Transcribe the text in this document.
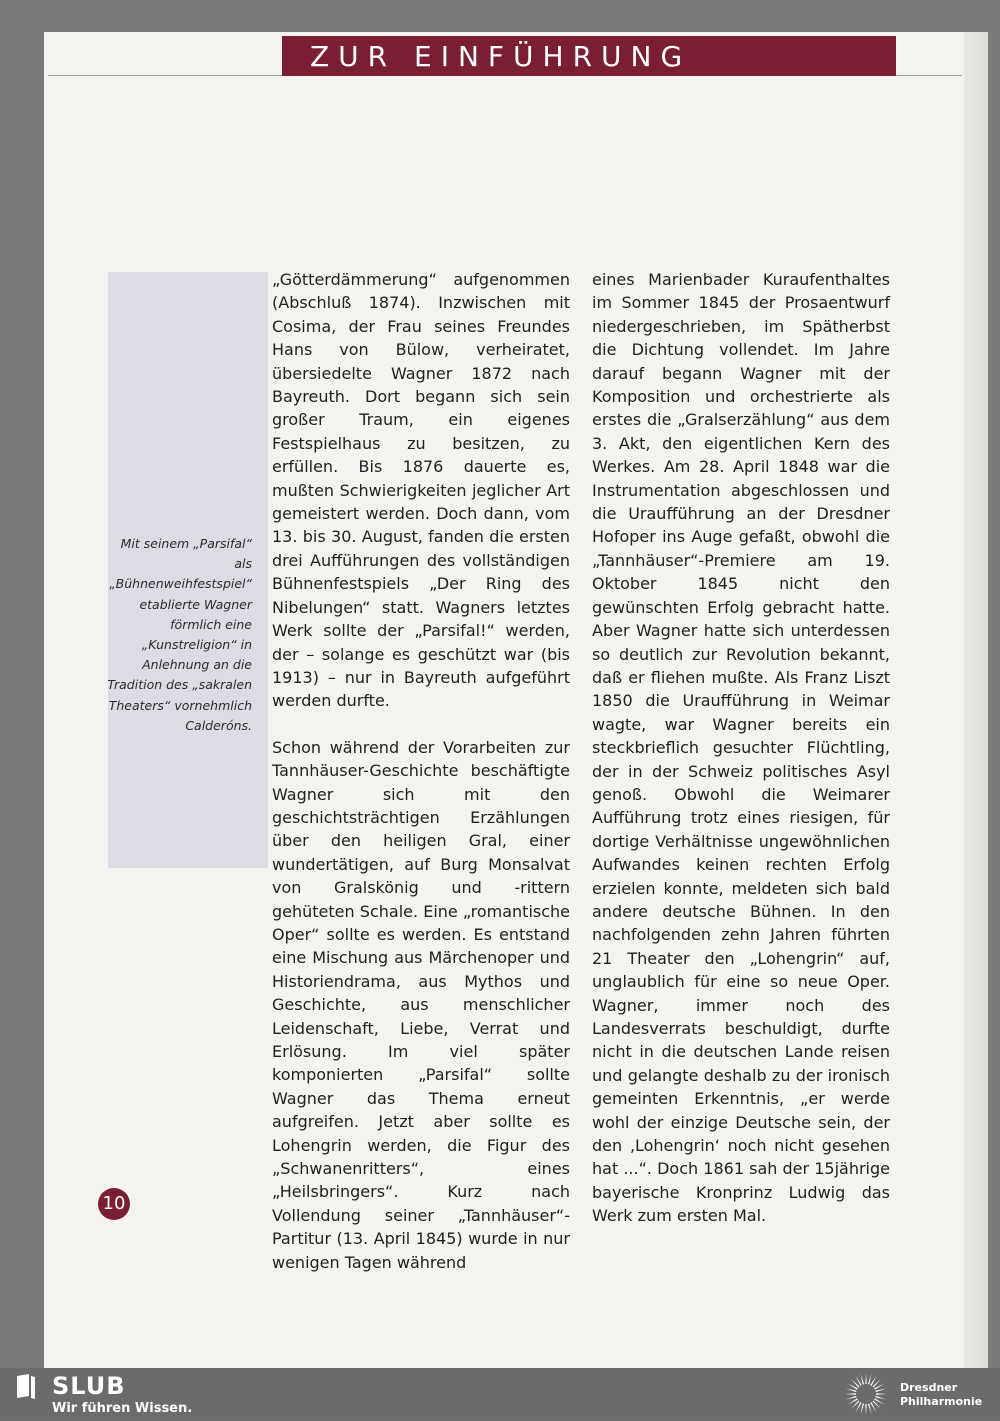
ZUR EINFÜHRUNG
Mit seinem „Parsifal“ als „Bühnenweihfestspiel“ etablierte Wagner förmlich eine „Kunstreligion“ in Anlehnung an die Tradition des „sakralen Theaters“ vornehmlich Calderóns.

„Götterdämmerung“ aufgenommen (Abschluß 1874). Inzwischen mit Cosima, der Frau seines Freundes Hans von Bülow, verheiratet, übersiedelte Wagner 1872 nach Bayreuth. Dort begann sich sein großer Traum, ein eigenes Festspielhaus zu besitzen, zu erfüllen. Bis 1876 dauerte es, mußten Schwierigkeiten jeglicher Art gemeistert werden. Doch dann, vom 13. bis 30. August, fanden die ersten drei Aufführungen des vollständigen Bühnenfestspiels „Der Ring des Nibelungen“ statt. Wagners letztes Werk sollte der „Parsifal!“ werden, der – solange es geschützt war (bis 1913) – nur in Bayreuth aufgeführt werden durfte.

Schon während der Vorarbeiten zur Tannhäuser-Geschichte beschäftigte Wagner sich mit den geschichtsträchtigen Erzählungen über den heiligen Gral, einer wundertätigen, auf Burg Monsalvat von Gralskönig und -rittern gehüteten Schale. Eine „romantische Oper“ sollte es werden. Es entstand eine Mischung aus Märchenoper und Historiendrama, aus Mythos und Geschichte, aus menschlicher Leidenschaft, Liebe, Verrat und Erlösung. Im viel später komponierten „Parsifal“ sollte Wagner das Thema erneut aufgreifen. Jetzt aber sollte es Lohengrin werden, die Figur des „Schwanenritters“, eines „Heilsbringers“. Kurz nach Vollendung seiner „Tannhäuser“-Partitur (13. April 1845) wurde in nur wenigen Tagen während

eines Marienbader Kuraufenthaltes im Sommer 1845 der Prosaentwurf niedergeschrieben, im Spätherbst die Dichtung vollendet. Im Jahre darauf begann Wagner mit der Komposition und orchestrierte als erstes die „Gralserzählung“ aus dem 3. Akt, den eigentlichen Kern des Werkes. Am 28. April 1848 war die Instrumentation abgeschlossen und die Uraufführung an der Dresdner Hofoper ins Auge gefaßt, obwohl die „Tannhäuser“-Premiere am 19. Oktober 1845 nicht den gewünschten Erfolg gebracht hatte. Aber Wagner hatte sich unterdessen so deutlich zur Revolution bekannt, daß er fliehen mußte. Als Franz Liszt 1850 die Uraufführung in Weimar wagte, war Wagner bereits ein steckbrieflich gesuchter Flüchtling, der in der Schweiz politisches Asyl genoß. Obwohl die Weimarer Aufführung trotz eines riesigen, für dortige Verhältnisse ungewöhnlichen Aufwandes keinen rechten Erfolg erzielen konnte, meldeten sich bald andere deutsche Bühnen. In den nachfolgenden zehn Jahren führten 21 Theater den „Lohengrin“ auf, unglaublich für eine so neue Oper. Wagner, immer noch des Landesverrats beschuldigt, durfte nicht in die deutschen Lande reisen und gelangte deshalb zu der ironisch gemeinten Erkenntnis, „er werde wohl der einzige Deutsche sein, der den ‚Lohengrin‘ noch nicht gesehen hat ...“. Doch 1861 sah der 15jährige bayerische Kronprinz Ludwig das Werk zum ersten Mal.

10
SLUB
Wir führen Wissen.
Dresdner
Philharmonie
